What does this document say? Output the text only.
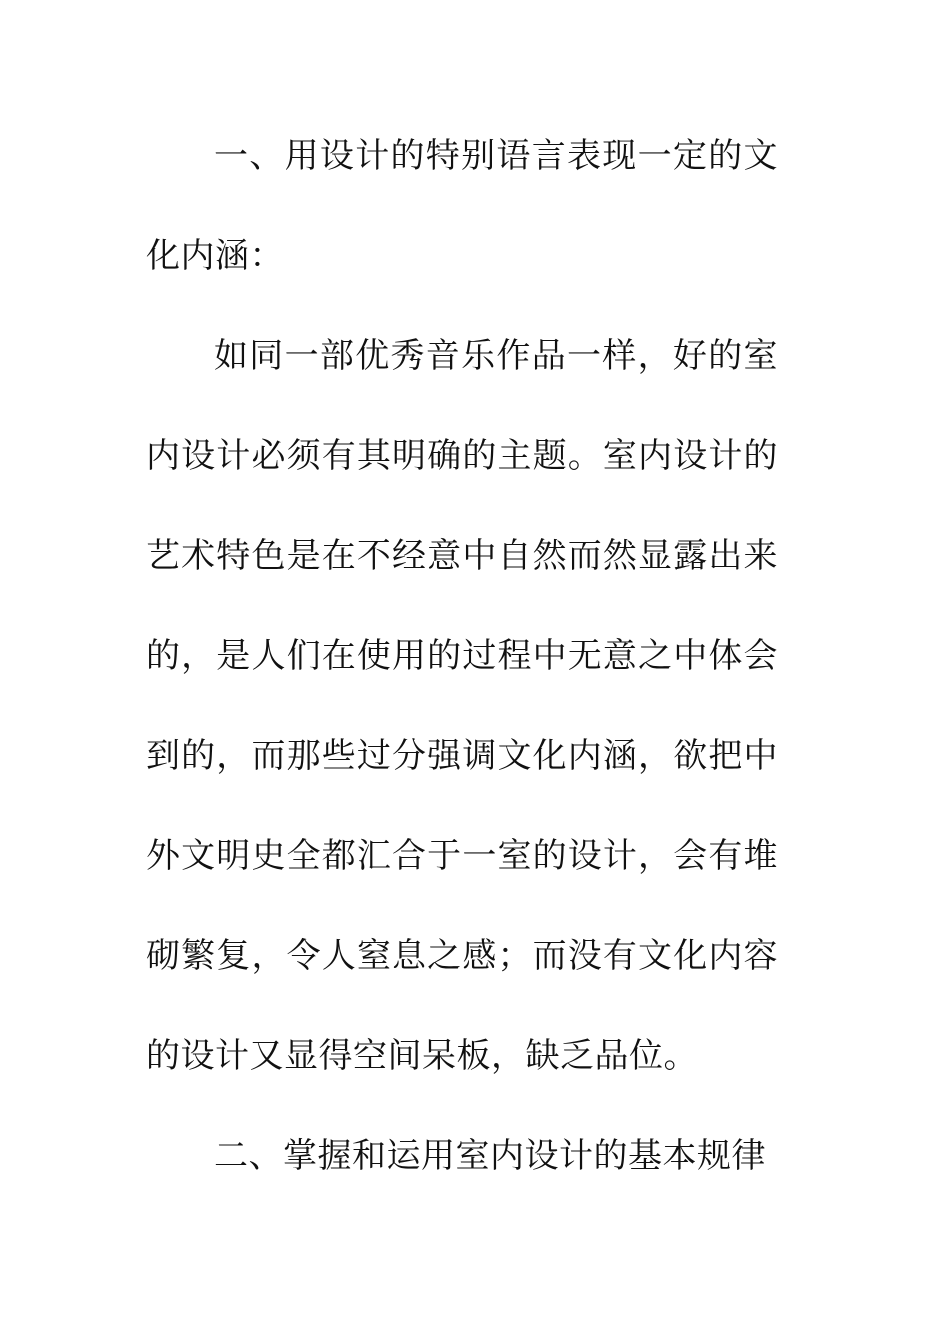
一、用设计的特别语言表现一定的文化内涵：

如同一部优秀音乐作品一样，好的室内设计必须有其明确的主题。室内设计的艺术特色是在不经意中自然而然显露出来的，是人们在使用的过程中无意之中体会到的，而那些过分强调文化内涵，欲把中外文明史全都汇合于一室的设计，会有堆砌繁复，令人窒息之感；而没有文化内容的设计又显得空间呆板，缺乏品位。

二、掌握和运用室内设计的基本规律
